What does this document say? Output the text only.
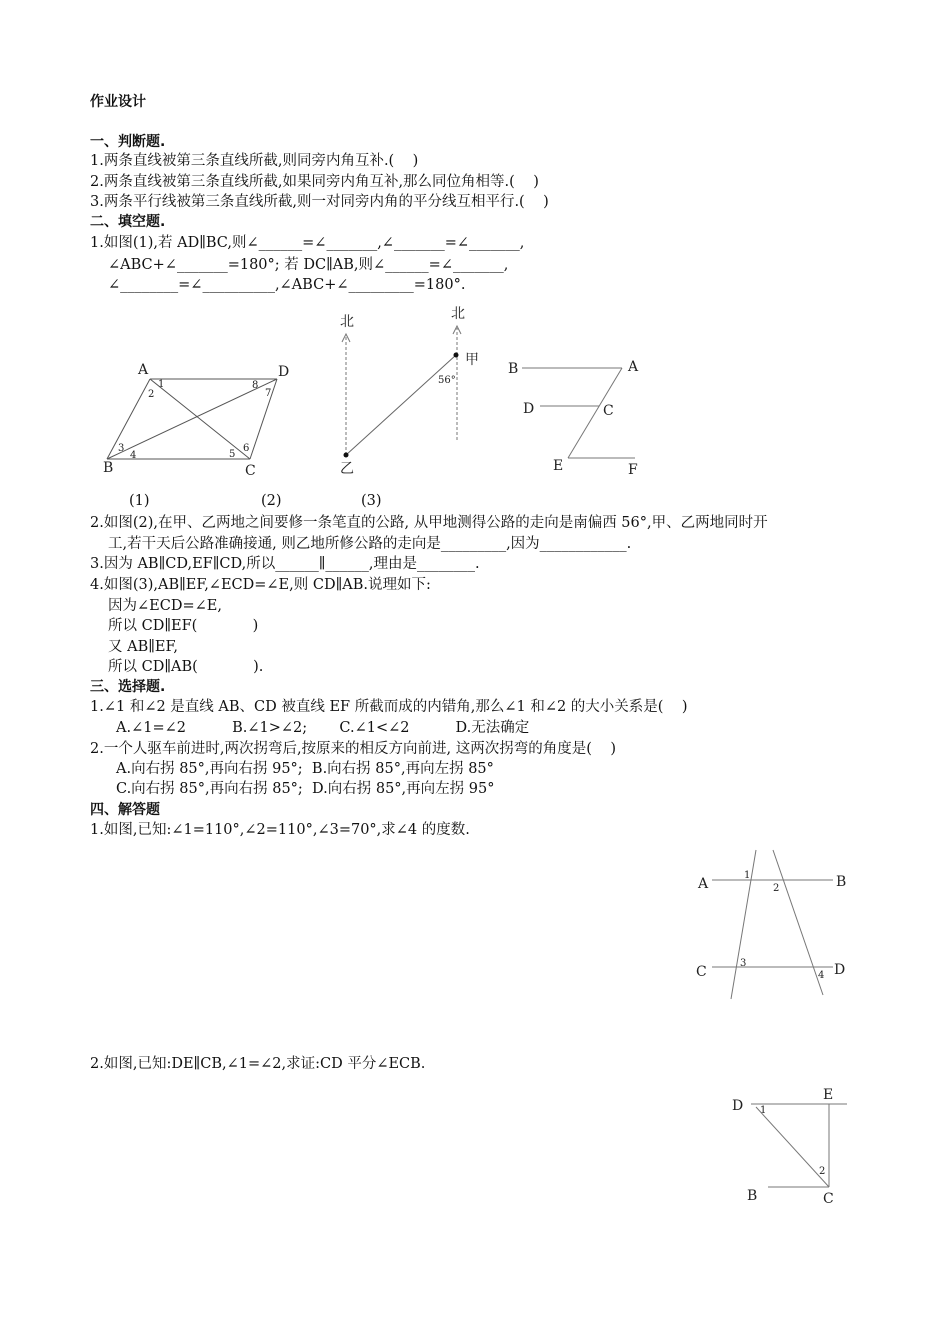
作业设计
一、判断题.
1.两条直线被第三条直线所截,则同旁内角互补.(    )
2.两条直线被第三条直线所截,如果同旁内角互补,那么同位角相等.(    )
3.两条平行线被第三条直线所截,则一对同旁内角的平分线互相平行.(    )
二、填空题.
1.如图(1),若 AD∥BC,则∠______=∠_______,∠_______=∠_______,
∠ABC+∠_______=180°; 若 DC∥AB,则∠______=∠_______,
∠________=∠__________,∠ABC+∠_________=180°.
A	D
B	C
1
2
3
4	5
6
7
8
北	北
甲
乙
56°
B	A
D	C
E	F
(1)	(2)	(3)
2.如图(2),在甲、乙两地之间要修一条笔直的公路, 从甲地测得公路的走向是南偏西 56°,甲、乙两地同时开
工,若干天后公路准确接通, 则乙地所修公路的走向是_________,因为____________.
3.因为 AB∥CD,EF∥CD,所以______∥______,理由是________.
4.如图(3),AB∥EF,∠ECD=∠E,则 CD∥AB.说理如下:
因为∠ECD=∠E,
所以 CD∥EF(            )
又 AB∥EF,
所以 CD∥AB(            ).
三、选择题.
1.∠1 和∠2 是直线 AB、CD 被直线 EF 所截而成的内错角,那么∠1 和∠2 的大小关系是(    )
A.∠1=∠2          B.∠1>∠2;       C.∠1<∠2          D.无法确定
2.一个人驱车前进时,两次拐弯后,按原来的相反方向前进, 这两次拐弯的角度是(    )
A.向右拐 85°,再向右拐 95°;  B.向右拐 85°,再向左拐 85°
C.向右拐 85°,再向右拐 85°;  D.向右拐 85°,再向左拐 95°
四、解答题
1.如图,已知:∠1=110°,∠2=110°,∠3=70°,求∠4 的度数.
A	B
C	D
1
2
3
4
2.如图,已知:DE∥CB,∠1=∠2,求证:CD 平分∠ECB.
D
E
B	C
1
2
